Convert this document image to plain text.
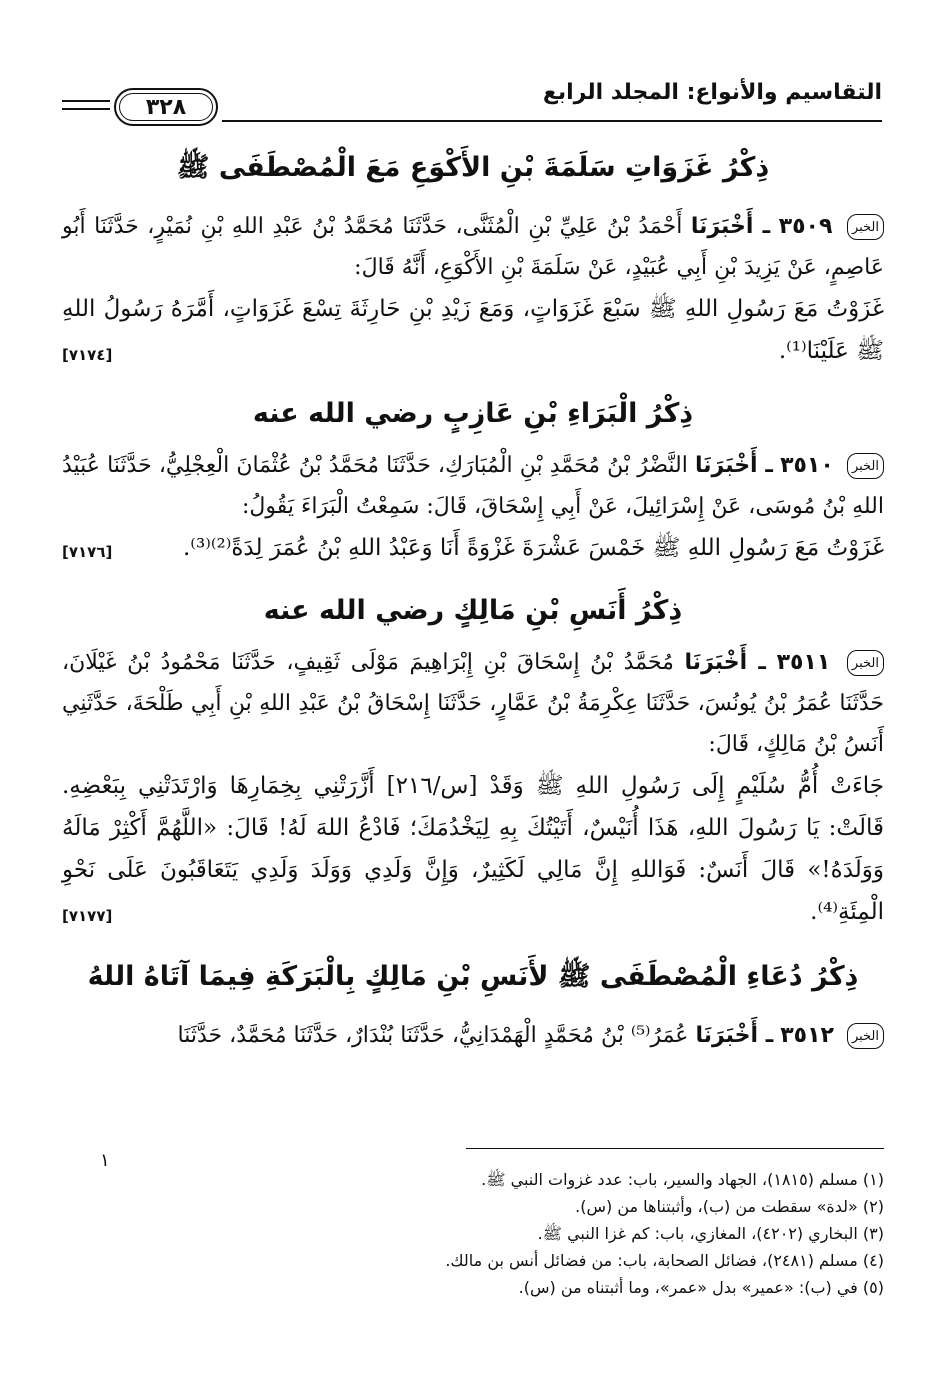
التقاسيم والأنواع: المجلد الرابع
٣٢٨
ذِكْرُ غَزَوَاتِ سَلَمَةَ بْنِ الأَكْوَعِ مَعَ الْمُصْطَفَى ﷺ

الخبر ٣٥٠٩ ـ أَخْبَرَنَا أَحْمَدُ بْنُ عَلِيِّ بْنِ الْمُثَنَّى، حَدَّثَنَا مُحَمَّدُ بْنُ عَبْدِ اللهِ بْنِ نُمَيْرٍ، حَدَّثَنَا أَبُو عَاصِمٍ، عَنْ يَزِيدَ بْنِ أَبِي عُبَيْدٍ، عَنْ سَلَمَةَ بْنِ الأَكْوَعِ، أَنَّهُ قَالَ:

غَزَوْتُ مَعَ رَسُولِ اللهِ ﷺ سَبْعَ غَزَوَاتٍ، وَمَعَ زَيْدِ بْنِ حَارِثَةَ تِسْعَ غَزَوَاتٍ، أَمَّرَهُ رَسُولُ اللهِ ﷺ عَلَيْنَا⁽¹⁾.
[٧١٧٤]

ذِكْرُ الْبَرَاءِ بْنِ عَازِبٍ رضي الله عنه

الخبر ٣٥١٠ ـ أَخْبَرَنَا النَّضْرُ بْنُ مُحَمَّدِ بْنِ الْمُبَارَكِ، حَدَّثَنَا مُحَمَّدُ بْنُ عُثْمَانَ الْعِجْلِيُّ، حَدَّثَنَا عُبَيْدُ اللهِ بْنُ مُوسَى، عَنْ إِسْرَائِيلَ، عَنْ أَبِي إِسْحَاقَ، قَالَ: سَمِعْتُ الْبَرَاءَ يَقُولُ:

غَزَوْتُ مَعَ رَسُولِ اللهِ ﷺ خَمْسَ عَشْرَةَ غَزْوَةً أَنَا وَعَبْدُ اللهِ بْنُ عُمَرَ لِدَةً⁽²⁾⁽³⁾.
[٧١٧٦]

ذِكْرُ أَنَسِ بْنِ مَالِكٍ رضي الله عنه

الخبر ٣٥١١ ـ أَخْبَرَنَا مُحَمَّدُ بْنُ إِسْحَاقَ بْنِ إِبْرَاهِيمَ مَوْلَى ثَقِيفٍ، حَدَّثَنَا مَحْمُودُ بْنُ غَيْلَانَ، حَدَّثَنَا عُمَرُ بْنُ يُونُسَ، حَدَّثَنَا عِكْرِمَةُ بْنُ عَمَّارٍ، حَدَّثَنَا إِسْحَاقُ بْنُ عَبْدِ اللهِ بْنِ أَبِي طَلْحَةَ، حَدَّثَنِي أَنَسُ بْنُ مَالِكٍ، قَالَ:

جَاءَتْ أُمُّ سُلَيْمٍ إِلَى رَسُولِ اللهِ ﷺ وَقَدْ [س/٢١٦] أَزَّرَتْنِي بِخِمَارِهَا وَارْتَدَتْنِي بِبَعْضِهِ. قَالَتْ: يَا رَسُولَ اللهِ، هَذَا أُنَيْسٌ، أَتَيْتُكَ بِهِ لِيَخْدُمَكَ؛ فَادْعُ اللهَ لَهُ! قَالَ: «اللَّهُمَّ أَكْثِرْ مَالَهُ وَوَلَدَهُ!» قَالَ أَنَسٌ: فَوَاللهِ إِنَّ مَالِي لَكَثِيرٌ، وَإِنَّ وَلَدِي وَوَلَدَ وَلَدِي يَتَعَاقَبُونَ عَلَى نَحْوِ الْمِئَةِ⁽⁴⁾.
[٧١٧٧]

ذِكْرُ دُعَاءِ الْمُصْطَفَى ﷺ لأَنَسِ بْنِ مَالِكٍ بِالْبَرَكَةِ فِيمَا آتَاهُ اللهُ

الخبر ٣٥١٢ ـ أَخْبَرَنَا عُمَرُ⁽⁵⁾ بْنُ مُحَمَّدٍ الْهَمْدَانِيُّ، حَدَّثَنَا بُنْدَارٌ، حَدَّثَنَا مُحَمَّدٌ، حَدَّثَنَا

١

(١) مسلم (١٨١٥)، الجهاد والسير، باب: عدد غزوات النبي ﷺ.

(٢) «لدة» سقطت من (ب)، وأثبتناها من (س).

(٣) البخاري (٤٢٠٢)، المغازي، باب: كم غزا النبي ﷺ.

(٤) مسلم (٢٤٨١)، فضائل الصحابة، باب: من فضائل أنس بن مالك.

(٥) في (ب): «عمير» بدل «عمر»، وما أثبتناه من (س).
